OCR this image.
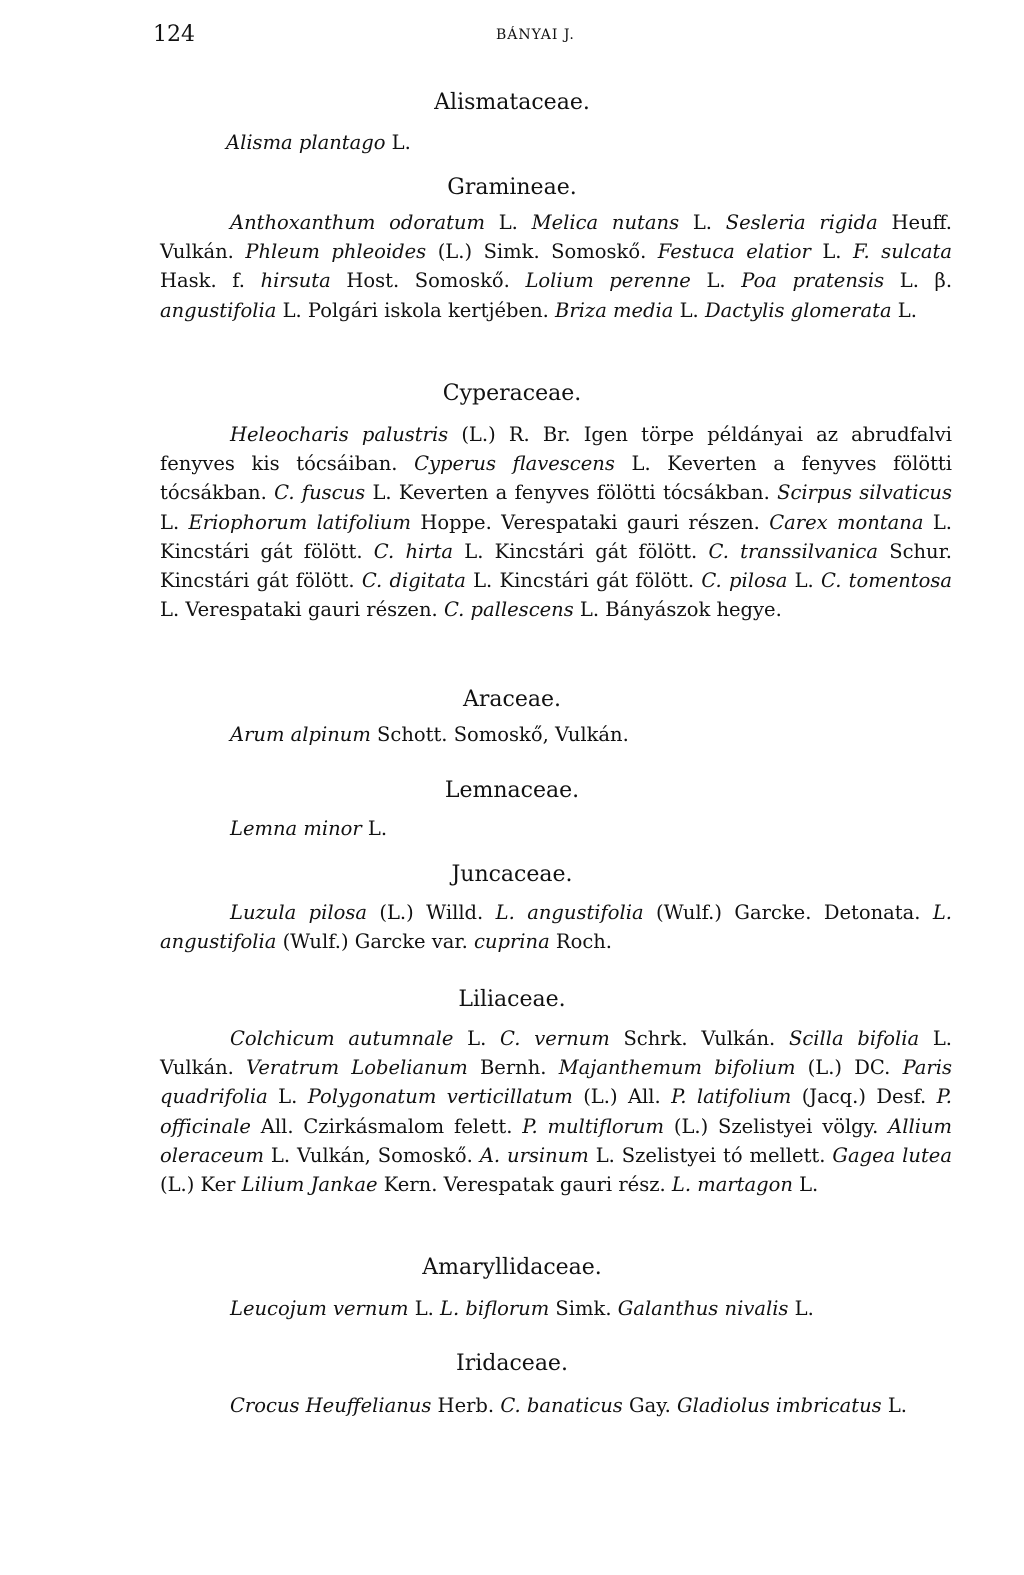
124	BÁNYAI J.
Alismataceae.
Alisma plantago L.
Gramineae.
Anthoxanthum odoratum L. Melica nutans L. Sesleria rigida Heuff. Vulkán. Phleum phleoides (L.) Simk. Somoskő. Festuca elatior L. F. sulcata Hask. f. hirsuta Host. Somoskő. Lolium perenne L. Poa pratensis L. β. angustifolia L. Polgári iskola kertjében. Briza media L. Dactylis glomerata L.
Cyperaceae.
Heleocharis palustris (L.) R. Br. Igen törpe példányai az abrudfalvi fenyves kis tócsáiban. Cyperus flavescens L. Keverten a fenyves fölötti tócsákban. C. fuscus L. Keverten a fenyves fölötti tócsákban. Scirpus silvaticus L. Eriophorum latifolium Hoppe. Verespataki gauri részen. Carex montana L. Kincstári gát fölött. C. hirta L. Kincstári gát fölött. C. transsilvanica Schur. Kincstári gát fölött. C. digitata L. Kincstári gát fölött. C. pilosa L. C. tomentosa L. Verespataki gauri részen. C. pallescens L. Bányászok hegye.
Araceae.
Arum alpinum Schott. Somoskő, Vulkán.
Lemnaceae.
Lemna minor L.
Juncaceae.
Luzula pilosa (L.) Willd. L. angustifolia (Wulf.) Garcke. Detonata. L. angustifolia (Wulf.) Garcke var. cuprina Roch.
Liliaceae.
Colchicum autumnale L. C. vernum Schrk. Vulkán. Scilla bifolia L. Vulkán. Veratrum Lobelianum Bernh. Majanthemum bifolium (L.) DC. Paris quadrifolia L. Polygonatum verticillatum (L.) All. P. latifolium (Jacq.) Desf. P. officinale All. Czirkásmalom felett. P. multiflorum (L.) Szelistyei völgy. Allium oleraceum L. Vulkán, Somoskő. A. ursinum L. Szelistyei tó mellett. Gagea lutea (L.) Ker Lilium Jankae Kern. Verespatak gauri rész. L. martagon L.
Amaryllidaceae.
Leucojum vernum L. L. biflorum Simk. Galanthus nivalis L.
Iridaceae.
Crocus Heuffelianus Herb. C. banaticus Gay. Gladiolus imbricatus L.
